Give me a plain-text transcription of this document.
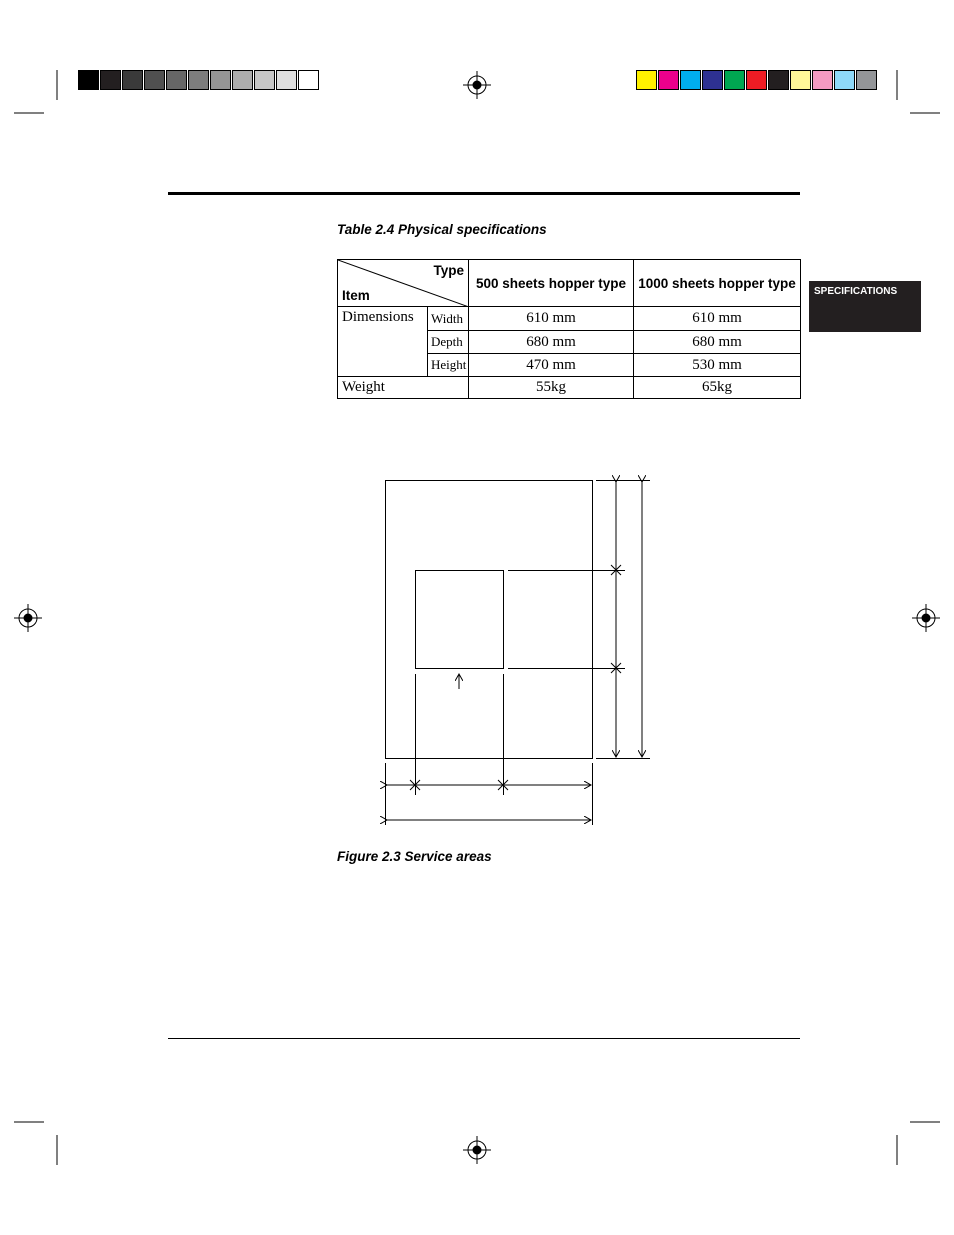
SPECIFICATIONS
Table 2.4 Physical specifications
Type
Item		500 sheets hopper type	1000 sheets hopper type
Dimensions	Width	610 mm	610 mm
	Depth	680 mm	680 mm
	Height	470 mm	530 mm
Weight		55kg	65kg
Figure 2.3 Service areas
